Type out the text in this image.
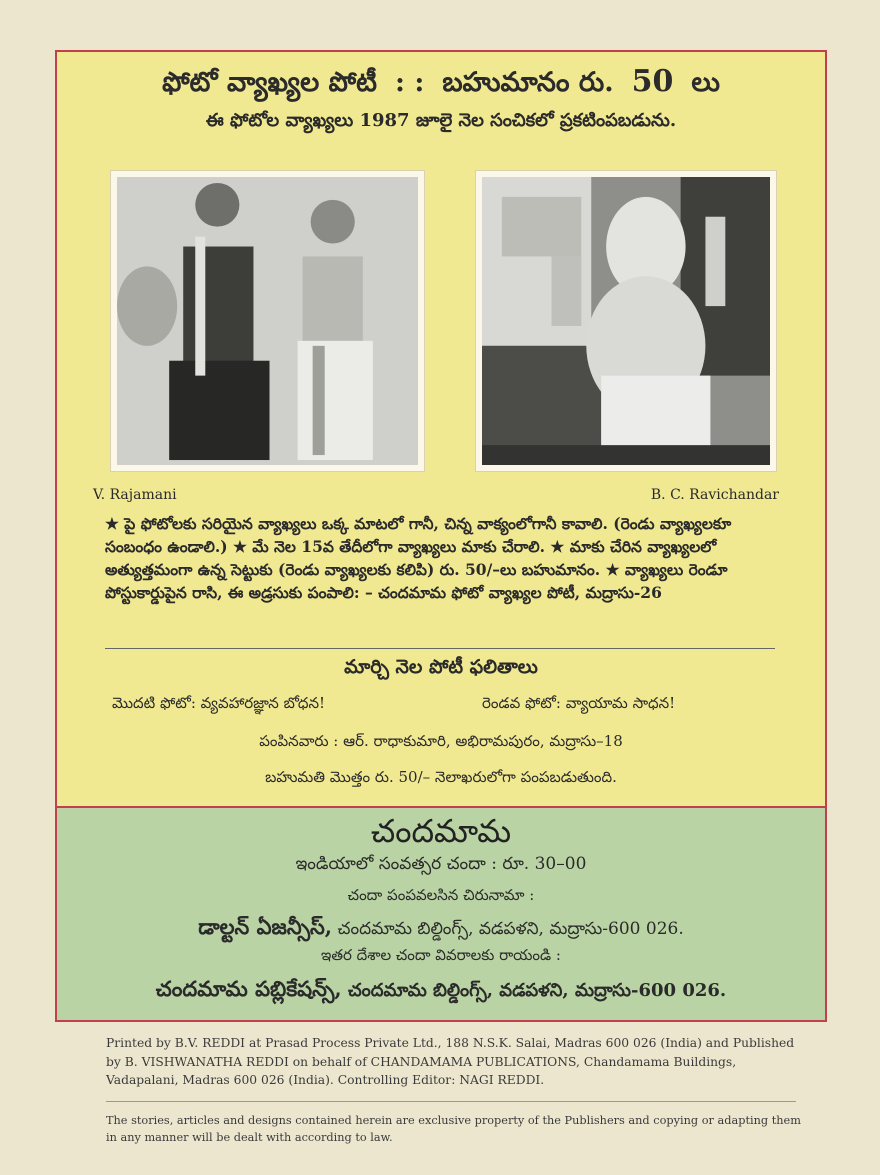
ఫోటో వ్యాఖ్యల పోటీ : : బహుమానం రు. 50 లు
ఈ ఫోటోల వ్యాఖ్యలు 1987 జూలై నెల సంచికలో ప్రకటింపబడును.
V. Rajamani	B. C. Ravichandar
★ పై ఫోటోలకు సరియైన వ్యాఖ్యలు ఒక్క మాటలో గానీ, చిన్న వాక్యంలోగానీ కావాలి. (రెండు వ్యాఖ్యలకూ సంబంధం ఉండాలి.) ★ మే నెల 15వ తేదీలోగా వ్యాఖ్యలు మాకు చేరాలి. ★ మాకు చేరిన వ్యాఖ్యలలో అత్యుత్తమంగా ఉన్న సెట్టుకు (రెండు వ్యాఖ్యలకు కలిపి) రు. 50/–లు బహుమానం. ★ వ్యాఖ్యలు రెండూ పోస్టుకార్డుపైన రాసి, ఈ అడ్రసుకు పంపాలి: – చందమామ ఫోటో వ్యాఖ్యల పోటీ, మద్రాసు-26
మార్చి నెల పోటీ ఫలితాలు
మొదటి ఫోటో: వ్యవహారజ్ఞాన బోధన!	రెండవ ఫోటో: వ్యాయామ సాధన!
పంపినవారు : ఆర్. రాధాకుమారి, అభిరామపురం, మద్రాసు–18
బహుమతి మొత్తం రు. 50/– నెలాఖరులోగా పంపబడుతుంది.
చందమామ
ఇండియాలో సంవత్సర చందా : రూ. 30–00
చందా పంపవలసిన చిరునామా :
డాల్టన్ ఏజన్సీస్, చందమామ బిల్డింగ్స్, వడపళని, మద్రాసు-600 026.
ఇతర దేశాల చందా వివరాలకు రాయండి :
చందమామ పబ్లికేషన్స్, చందమామ బిల్డింగ్స్, వడపళని, మద్రాసు-600 026.
Printed by B.V. REDDI at Prasad Process Private Ltd., 188 N.S.K. Salai, Madras 600 026 (India) and Published by B. VISHWANATHA REDDI on behalf of CHANDAMAMA PUBLICATIONS, Chandamama Buildings, Vadapalani, Madras 600 026 (India). Controlling Editor: NAGI REDDI.
The stories, articles and designs contained herein are exclusive property of the Publishers and copying or adapting them in any manner will be dealt with according to law.
